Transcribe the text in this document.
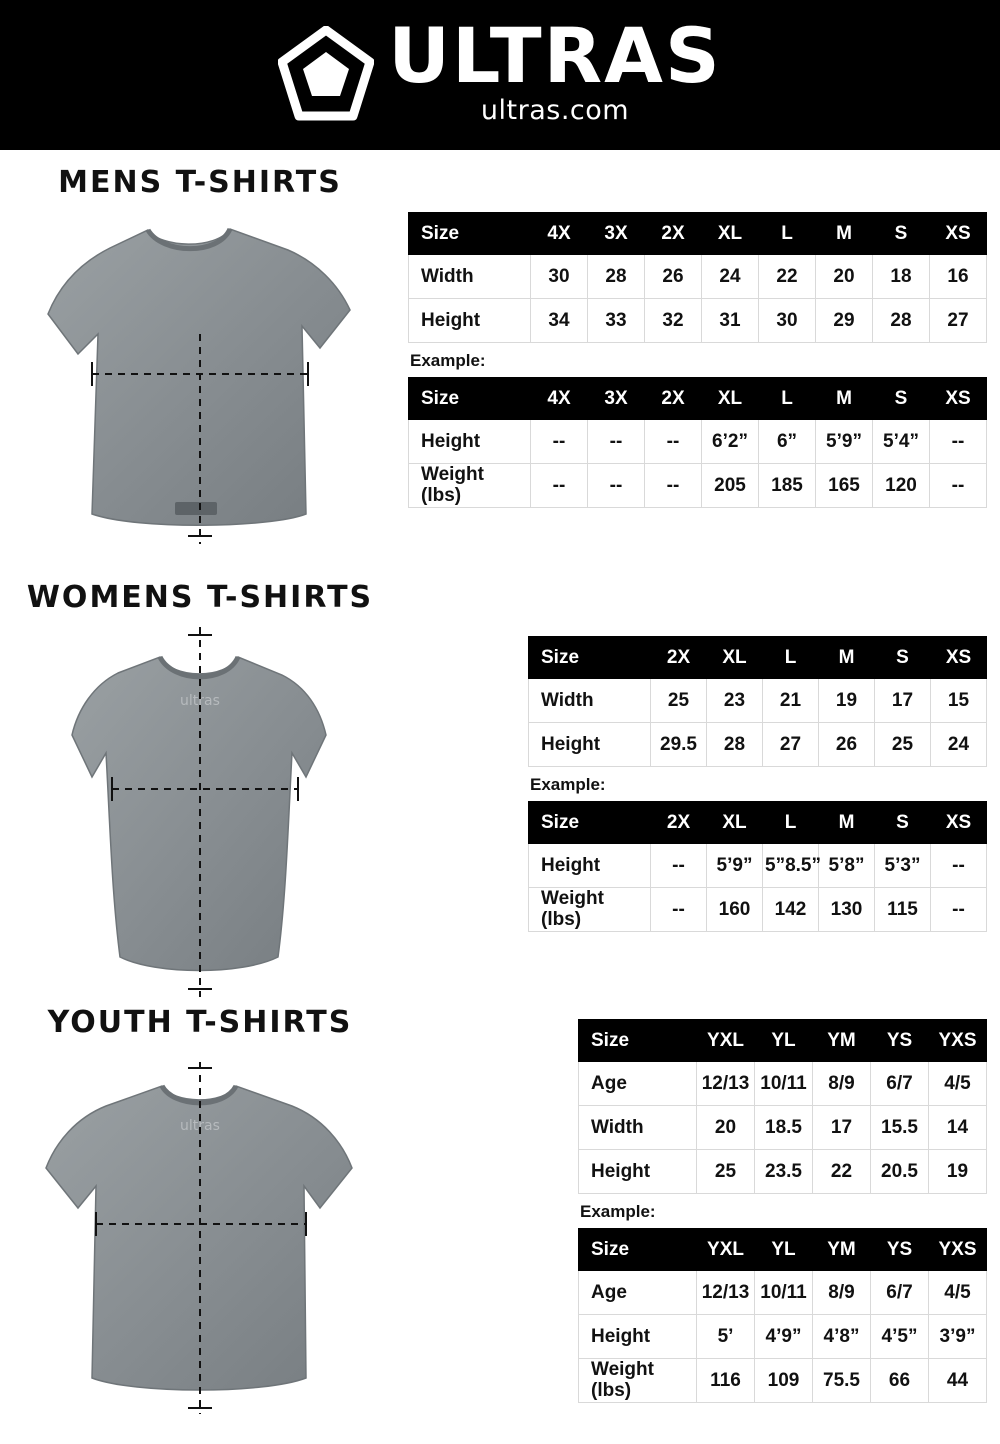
ULTRAS
ultras.com
MENS T-SHIRTS
Size	4X	3X	2X	XL	L	M	S	XS
Width	30	28	26	24	22	20	18	16
Height	34	33	32	31	30	29	28	27
Example:
Size	4X	3X	2X	XL	L	M	S	XS
Height	--	--	--	6’2”	6”	5’9”	5’4”	--
Weight (lbs)	--	--	--	205	185	165	120	--
WOMENS T-SHIRTS
ultras
Size	2X	XL	L	M	S	XS
Width	25	23	21	19	17	15
Height	29.5	28	27	26	25	24
Example:
Size	2X	XL	L	M	S	XS
Height	--	5’9”	5”8.5”	5’8”	5’3”	--
Weight (lbs)	--	160	142	130	115	--
YOUTH T-SHIRTS
ultras
Size	YXL	YL	YM	YS	YXS
Age	12/13	10/11	8/9	6/7	4/5
Width	20	18.5	17	15.5	14
Height	25	23.5	22	20.5	19
Example:
Size	YXL	YL	YM	YS	YXS
Age	12/13	10/11	8/9	6/7	4/5
Height	5’	4’9”	4’8”	4’5”	3’9”
Weight (lbs)	116	109	75.5	66	44
